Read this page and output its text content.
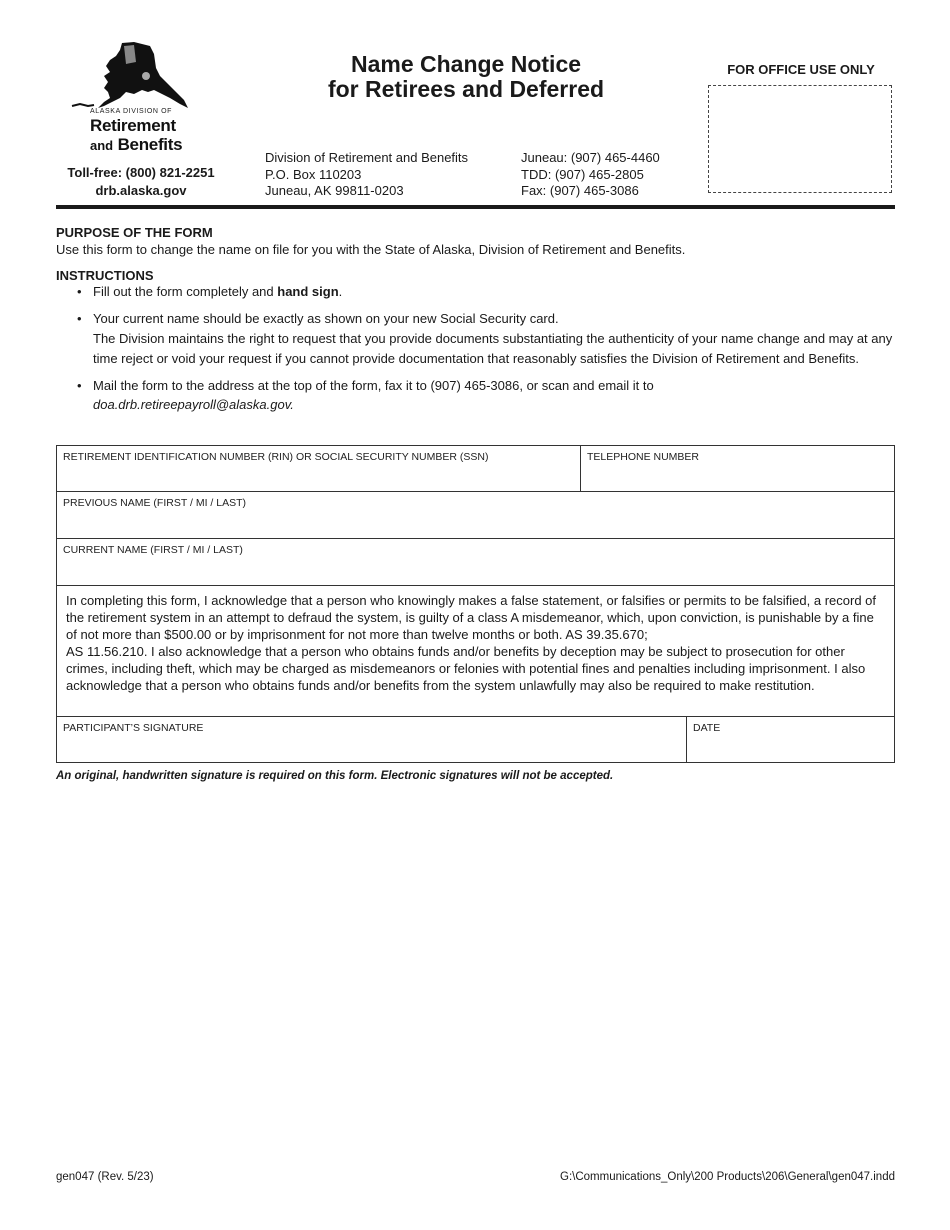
ALASKA DIVISION OF
Retirement
and Benefits
Toll-free: (800) 821-2251
drb.alaska.gov
Name Change Notice
for Retirees and Deferred
Division of Retirement and Benefits
P.O. Box 110203
Juneau, AK 99811-0203
Juneau: (907) 465-4460
TDD: (907) 465-2805
Fax: (907) 465-3086
FOR OFFICE USE ONLY
PURPOSE OF THE FORM
Use this form to change the name on file for you with the State of Alaska, Division of Retirement and Benefits.
INSTRUCTIONS
• Fill out the form completely and hand sign.
• Your current name should be exactly as shown on your new Social Security card.
The Division maintains the right to request that you provide documents substantiating the authenticity of your name change and may at any time reject or void your request if you cannot provide documentation that reasonably satisfies the Division of Retirement and Benefits.
• Mail the form to the address at the top of the form, fax it to (907) 465-3086, or scan and email it to
doa.drb.retireepayroll@alaska.gov.
RETIREMENT IDENTIFICATION NUMBER (RIN) OR SOCIAL SECURITY NUMBER (SSN)	TELEPHONE NUMBER
PREVIOUS NAME (FIRST / MI / LAST)
CURRENT NAME (FIRST / MI / LAST)
In completing this form, I acknowledge that a person who knowingly makes a false statement, or falsifies or permits to be falsified, a record of the retirement system in an attempt to defraud the system, is guilty of a class A misdemeanor, which, upon conviction, is punishable by a fine of not more than $500.00 or by imprisonment for not more than twelve months or both. AS 39.35.670;
AS 11.56.210. I also acknowledge that a person who obtains funds and/or benefits by deception may be subject to prosecution for other crimes, including theft, which may be charged as misdemeanors or felonies with potential fines and penalties including imprisonment. I also acknowledge that a person who obtains funds and/or benefits from the system unlawfully may also be required to make restitution.
PARTICIPANT’S SIGNATURE	DATE
An original, handwritten signature is required on this form. Electronic signatures will not be accepted.
gen047 (Rev. 5/23)	G:\Communications_Only\200 Products\206\General\gen047.indd
